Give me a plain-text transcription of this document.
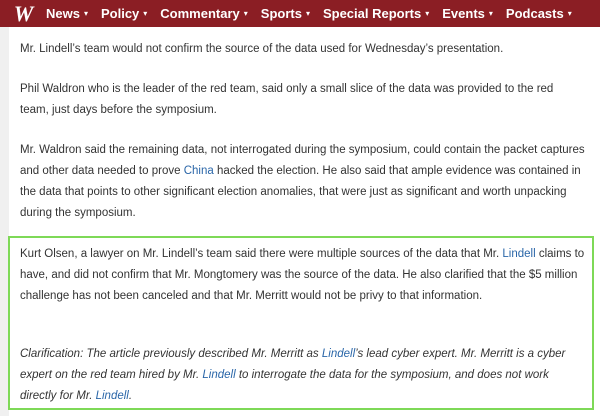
W	News ▾ Policy ▾ Commentary ▾ Sports ▾ Special Reports ▾ Events ▾ Podcasts ▾

Mr. Lindell’s team would not confirm the source of the data used for Wednesday’s presentation.

Phil Waldron who is the leader of the red team, said only a small slice of the data was provided to the red team, just days before the symposium.

Mr. Waldron said the remaining data, not interrogated during the symposium, could contain the packet captures and other data needed to prove China hacked the election. He also said that ample evidence was contained in the data that points to other significant election anomalies, that were just as significant and worth unpacking during the symposium.

Kurt Olsen, a lawyer on Mr. Lindell’s team said there were multiple sources of the data that Mr. Lindell claims to have, and did not confirm that Mr. Mongtomery was the source of the data. He also clarified that the $5 million challenge has not been canceled and that Mr. Merritt would not be privy to that information.

Clarification: The article previously described Mr. Merritt as Lindell’s lead cyber expert. Mr. Merritt is a cyber expert on the red team hired by Mr. Lindell to interrogate the data for the symposium, and does not work directly for Mr. Lindell.
